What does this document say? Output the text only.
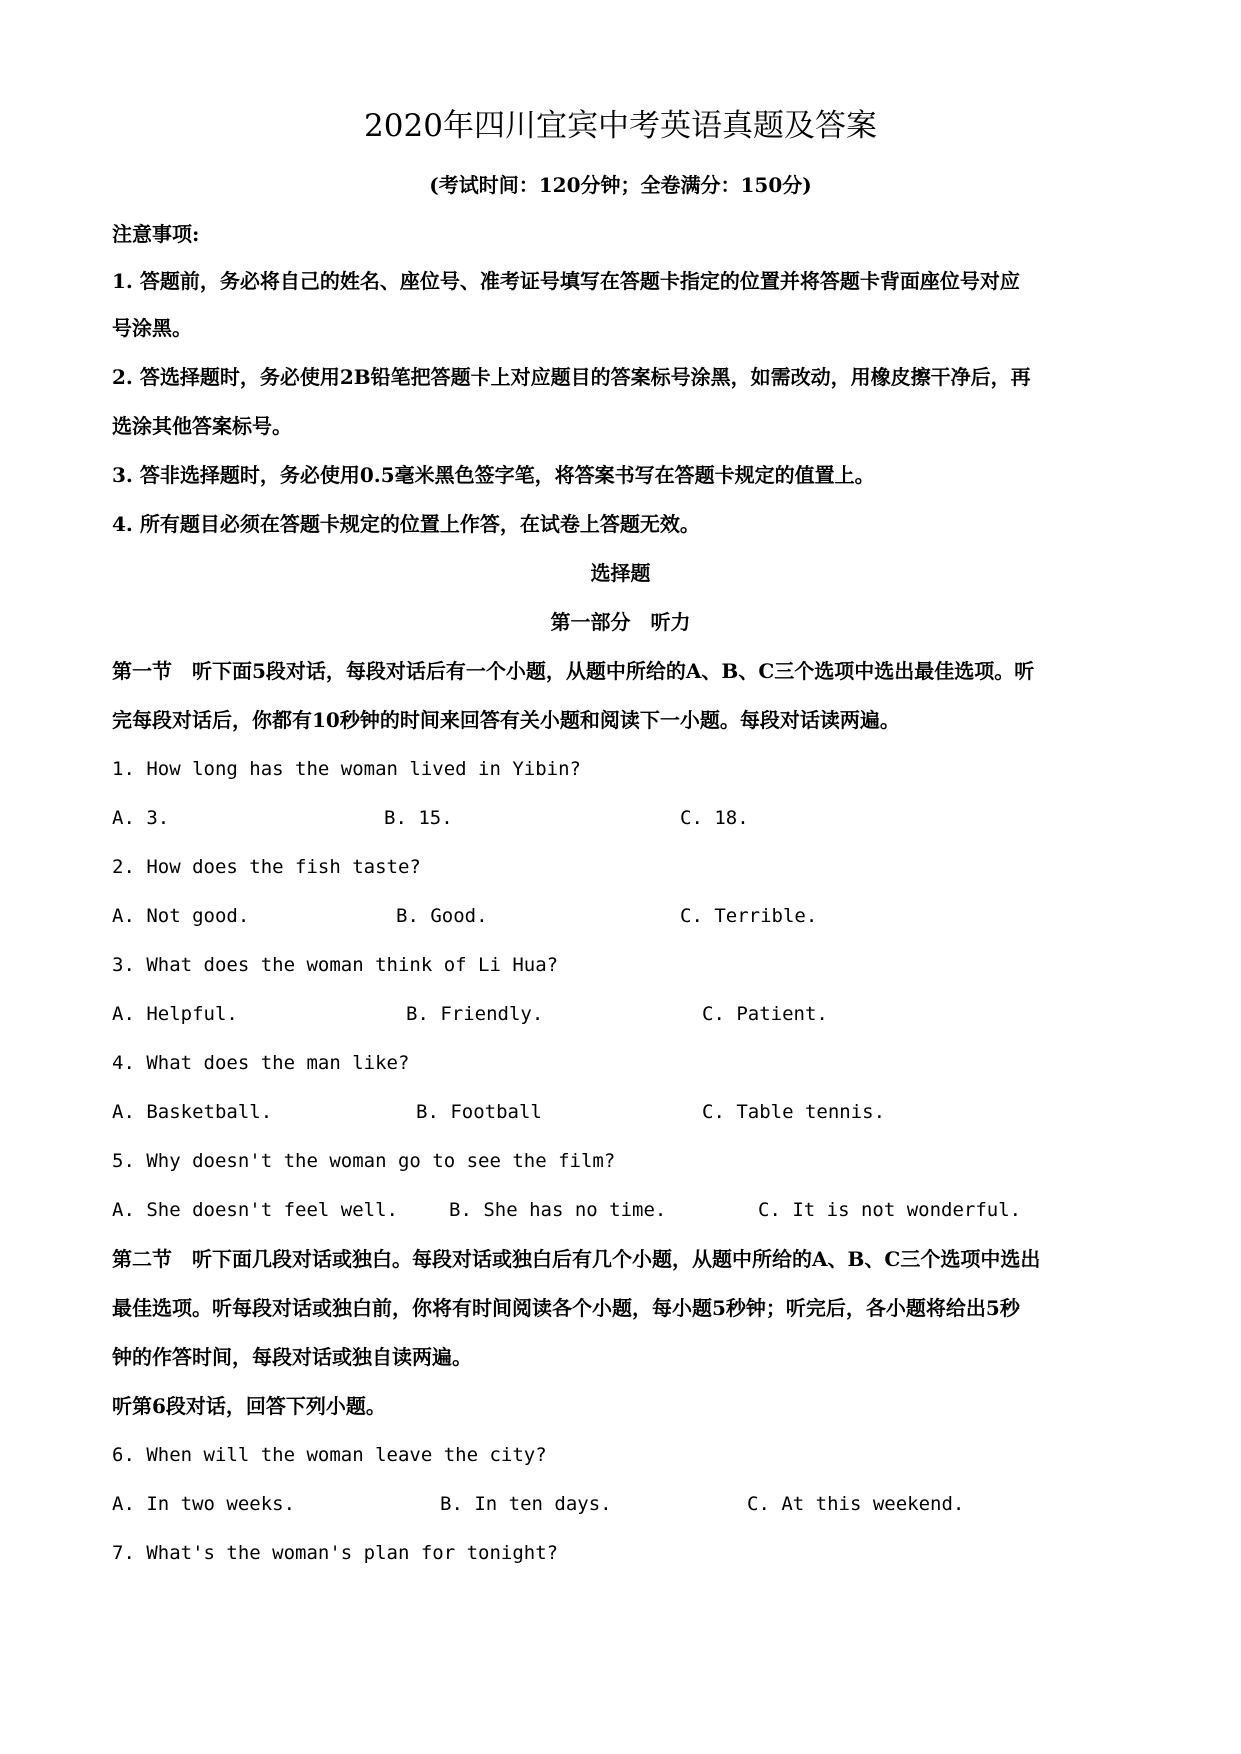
2020年四川宜宾中考英语真题及答案
(考试时间：120分钟；全卷满分：150分)
注意事项:
1. 答题前，务必将自己的姓名、座位号、准考证号填写在答题卡指定的位置并将答题卡背面座位号对应
号涂黑。
2. 答选择题时，务必使用2B铅笔把答题卡上对应题目的答案标号涂黑，如需改动，用橡皮擦干净后，再
选涂其他答案标号。
3. 答非选择题时，务必使用0.5毫米黑色签字笔，将答案书写在答题卡规定的值置上。
4. 所有题目必须在答题卡规定的位置上作答，在试卷上答题无效。
选择题
第一部分　听力
第一节　听下面5段对话，每段对话后有一个小题，从题中所给的A、B、C三个选项中选出最佳选项。听
完每段对话后，你都有10秒钟的时间来回答有关小题和阅读下一小题。每段对话读两遍。
1. How long has the woman lived in Yibin?
A. 3.	B. 15.	C. 18.
2. How does the fish taste?
A. Not good.	B. Good.	C. Terrible.
3. What does the woman think of Li Hua?
A. Helpful.	B. Friendly.	C. Patient.
4. What does the man like?
A. Basketball.	B. Football	C. Table tennis.
5. Why doesn't the woman go to see the film?
A. She doesn't feel well.	B. She has no time.	C. It is not wonderful.
第二节　听下面几段对话或独白。每段对话或独白后有几个小题，从题中所给的A、B、C三个选项中选出
最佳选项。听每段对话或独白前，你将有时间阅读各个小题，每小题5秒钟；听完后，各小题将给出5秒
钟的作答时间，每段对话或独自读两遍。
听第6段对话，回答下列小题。
6. When will the woman leave the city?
A. In two weeks.	B. In ten days.	C. At this weekend.
7. What's the woman's plan for tonight?
